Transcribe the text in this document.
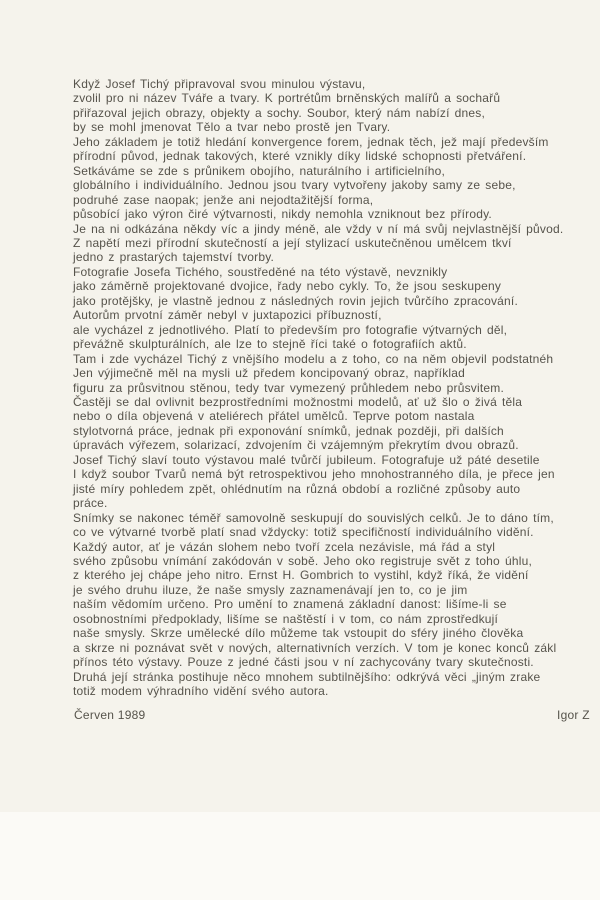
Když Josef Tichý připravoval svou minulou výstavu,
zvolil pro ni název Tváře a tvary. K portrétům brněnských malířů a sochařů
přiřazoval jejich obrazy, objekty a sochy. Soubor, který nám nabízí dnes,
by se mohl jmenovat Tělo a tvar nebo prostě jen Tvary.
Jeho základem je totiž hledání konvergence forem, jednak těch, jež mají především
přírodní původ, jednak takových, které vznikly díky lidské schopnosti přetváření.
Setkáváme se zde s průnikem obojího, naturálního i artificielního,
globálního i individuálního. Jednou jsou tvary vytvořeny jakoby samy ze sebe,
podruhé zase naopak; jenže ani nejodtažitější forma,
působící jako výron čiré výtvarnosti, nikdy nemohla vzniknout bez přírody.
Je na ni odkázána někdy víc a jindy méně, ale vždy v ní má svůj nejvlastnější původ.
Z napětí mezi přírodní skutečností a její stylizací uskutečněnou umělcem tkví
jedno z prastarých tajemství tvorby.
Fotografie Josefa Tichého, soustředěné na této výstavě, nevznikly
jako záměrně projektované dvojice, řady nebo cykly. To, že jsou seskupeny
jako protějšky, je vlastně jednou z následných rovin jejich tvůrčího zpracování.
Autorům prvotní záměr nebyl v juxtapozici příbuzností,
ale vycházel z jednotlivého. Platí to především pro fotografie výtvarných děl,
převážně skulpturálních, ale lze to stejně říci také o fotografiích aktů.
Tam i zde vycházel Tichý z vnějšího modelu a z toho, co na něm objevil podstatnéh
Jen výjimečně měl na mysli už předem koncipovaný obraz, například
figuru za průsvitnou stěnou, tedy tvar vymezený průhledem nebo průsvitem.
Častěji se dal ovlivnit bezprostředními možnostmi modelů, ať už šlo o živá těla
nebo o díla objevená v ateliérech přátel umělců. Teprve potom nastala
stylotvorná práce, jednak při exponování snímků, jednak později, při dalších
úpravách výřezem, solarizací, zdvojením či vzájemným překrytím dvou obrazů.
Josef Tichý slaví touto výstavou malé tvůrčí jubileum. Fotografuje už páté desetile
I když soubor Tvarů nemá být retrospektivou jeho mnohostranného díla, je přece jen
jisté míry pohledem zpět, ohlédnutím na různá období a rozličné způsoby auto
práce.
Snímky se nakonec téměř samovolně seskupují do souvislých celků. Je to dáno tím,
co ve výtvarné tvorbě platí snad vždycky: totiž specifičností individuálního vidění.
Každý autor, ať je vázán slohem nebo tvoří zcela nezávisle, má řád a styl
svého způsobu vnímání zakódován v sobě. Jeho oko registruje svět z toho úhlu,
z kterého jej chápe jeho nitro. Ernst H. Gombrich to vystihl, když říká, že vidění
je svého druhu iluze, že naše smysly zaznamenávají jen to, co je jim
naším vědomím určeno. Pro umění to znamená základní danost: lišíme-li se
osobnostními předpoklady, lišíme se naštěstí i v tom, co nám zprostředkují
naše smysly. Skrze umělecké dílo můžeme tak vstoupit do sféry jiného člověka
a skrze ni poznávat svět v nových, alternativních verzích. V tom je konec konců zákl
přínos této výstavy. Pouze z jedné části jsou v ní zachycovány tvary skutečnosti.
Druhá její stránka postihuje něco mnohem subtilnějšího: odkrývá věci „jiným zrake
totiž modem výhradního vidění svého autora.
Červen 1989	Igor Z
